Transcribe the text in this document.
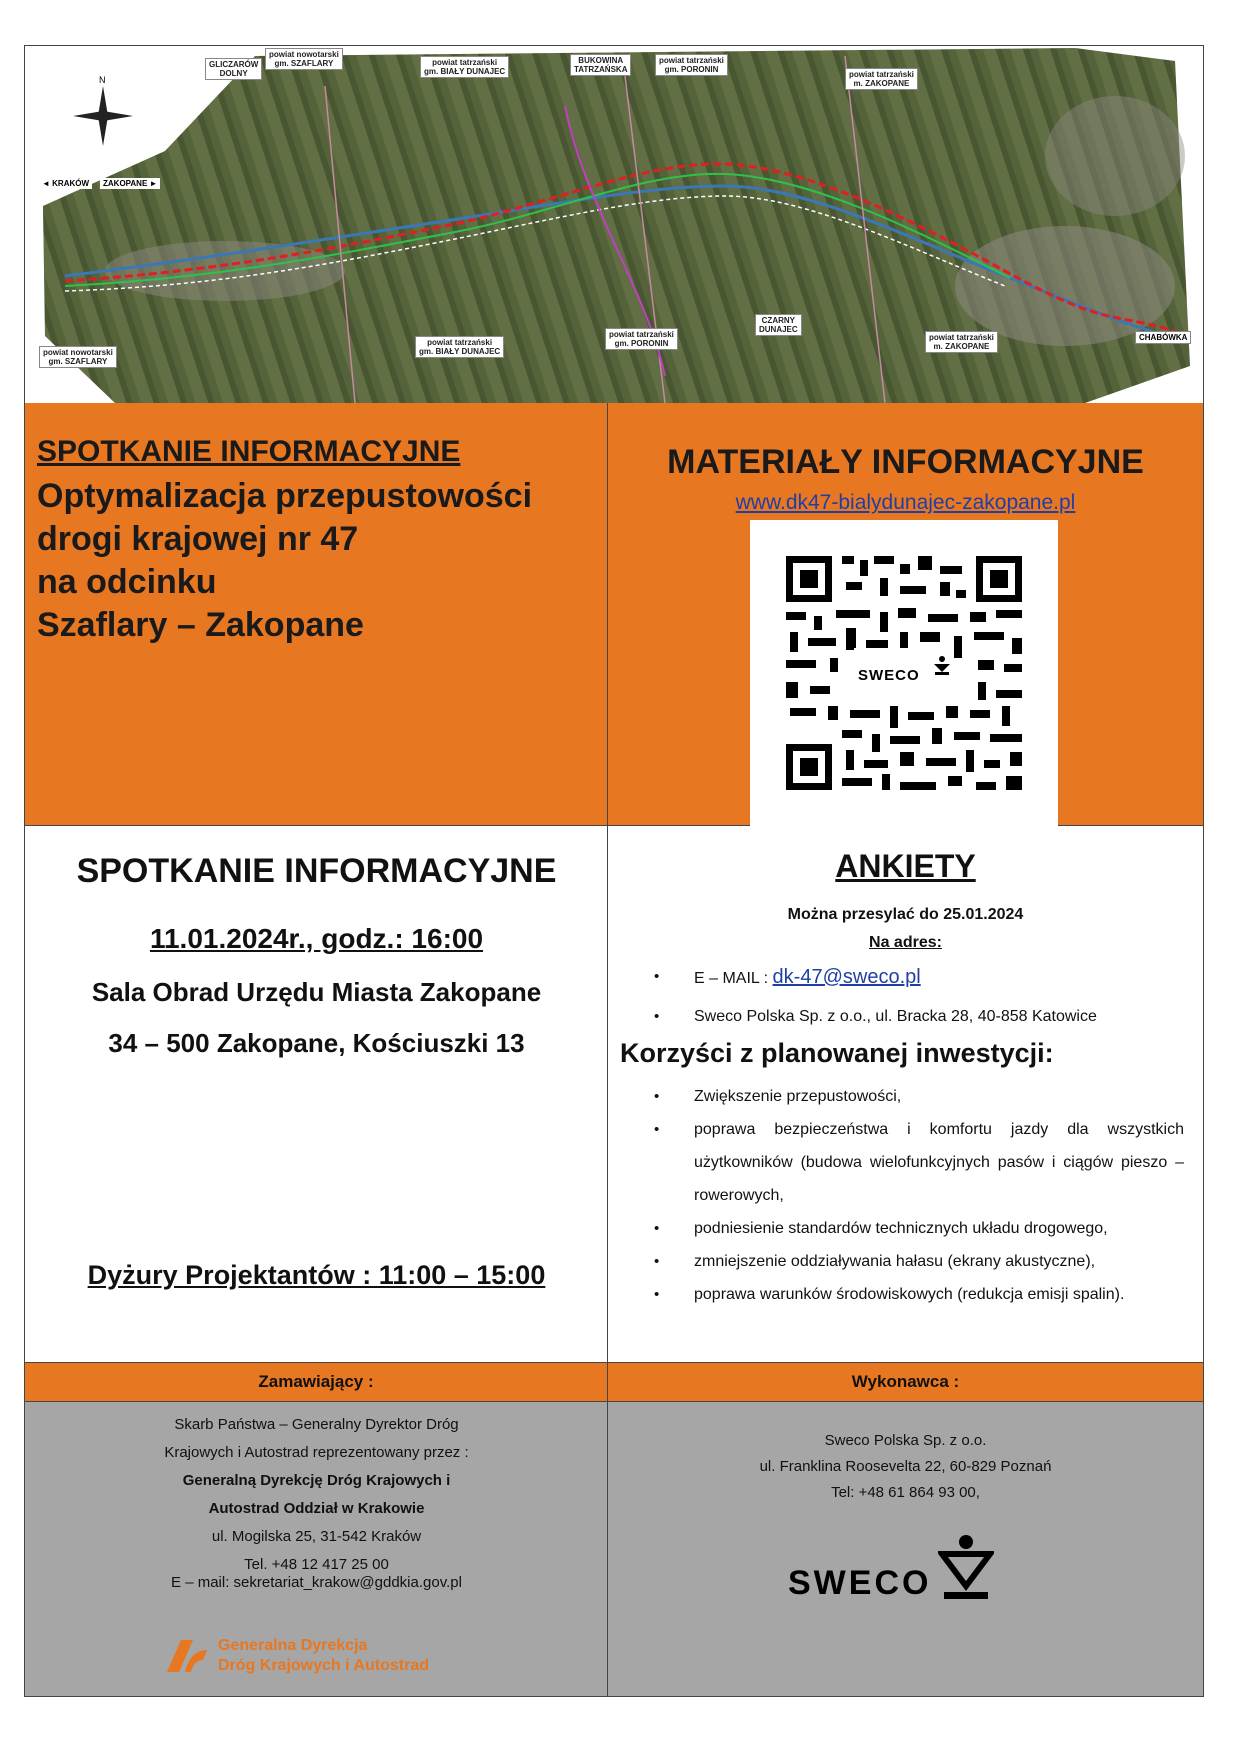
N
GLICZARÓW
DOLNY
powiat nowotarski
gm. SZAFLARY	powiat tatrzański
gm. BIAŁY DUNAJEC
BUKOWINA
TATRZAŃSKA
powiat tatrzański
gm. PORONIN
powiat tatrzański
m. ZAKOPANE
◄ KRAKÓW	ZAKOPANE ►
powiat nowotarski
gm. SZAFLARY
powiat tatrzański
gm. BIAŁY DUNAJEC
powiat tatrzański
gm. PORONIN
CZARNY
DUNAJEC
powiat tatrzański
m. ZAKOPANE
CHABÓWKA
SPOTKANIE INFORMACYJNE
Optymalizacja przepustowości
drogi krajowej nr 47
na odcinku
Szaflary – Zakopane
MATERIAŁY INFORMACYJNE
www.dk47-bialydunajec-zakopane.pl
SWECO
SPOTKANIE INFORMACYJNE
11.01.2024r., godz.: 16:00
Sala Obrad Urzędu Miasta Zakopane
34 – 500 Zakopane, Kościuszki 13
Dyżury Projektantów : 11:00 – 15:00
ANKIETY
Można przesylać do 25.01.2024
Na adres:
• E – MAIL : dk-47@sweco.pl
• Sweco Polska Sp. z o.o., ul. Bracka 28, 40-858 Katowice
Korzyści z planowanej inwestycji:
• Zwiększenie przepustowości,
• poprawa bezpieczeństwa i komfortu jazdy dla wszystkich użytkowników (budowa wielofunkcyjnych pasów i ciągów pieszo – rowerowych,
• podniesienie standardów technicznych układu drogowego,
• zmniejszenie oddziaływania hałasu (ekrany akustyczne),
• poprawa warunków środowiskowych (redukcja emisji spalin).
Zamawiający :	Wykonawca :
Skarb Państwa – Generalny Dyrektor Dróg
Krajowych i Autostrad reprezentowany przez :
Generalną Dyrekcję Dróg Krajowych i
Autostrad Oddział w Krakowie
ul. Mogilska 25, 31-542 Kraków
Tel. +48 12 417 25 00
E – mail: sekretariat_krakow@gddkia.gov.pl
Generalna Dyrekcja
Dróg Krajowych i Autostrad
Sweco Polska Sp. z o.o.
ul. Franklina Roosevelta 22, 60-829 Poznań
Tel: +48 61 864 93 00,
SWECO
